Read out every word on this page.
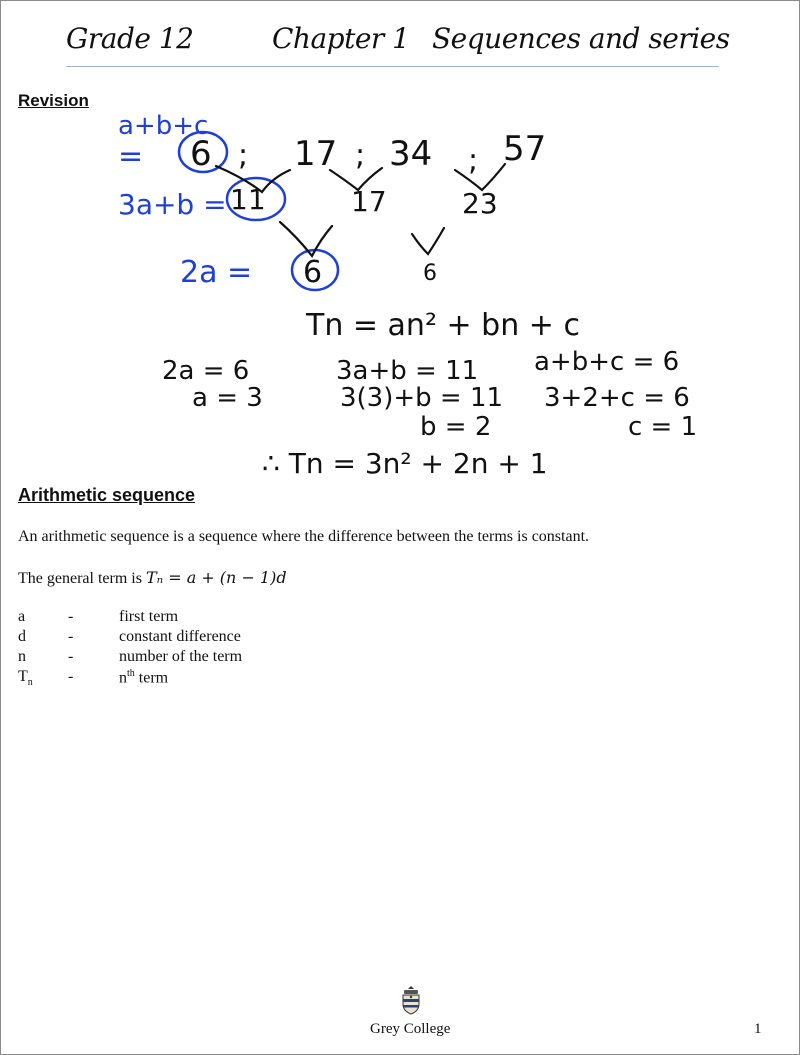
Grade 12	Chapter 1 Sequences and series
Revision
a+b+c
=
3a+b =
2a =
6 ; 17 ; 34 ; 57
11	17	23
6	6
Tn = an² + bn + c
2a = 6
a = 3
3a+b = 11
3(3)+b = 11
b = 2
a+b+c = 6
3+2+c = 6
c = 1
∴ Tn = 3n² + 2n + 1
Arithmetic sequence
An arithmetic sequence is a sequence where the difference between the terms is constant.
The general term is Tₙ = a + (n − 1)d
a	-	first term
d	-	constant difference
n	-	number of the term
$T_n$ -	$n^{th}$ term
Grey College	1
